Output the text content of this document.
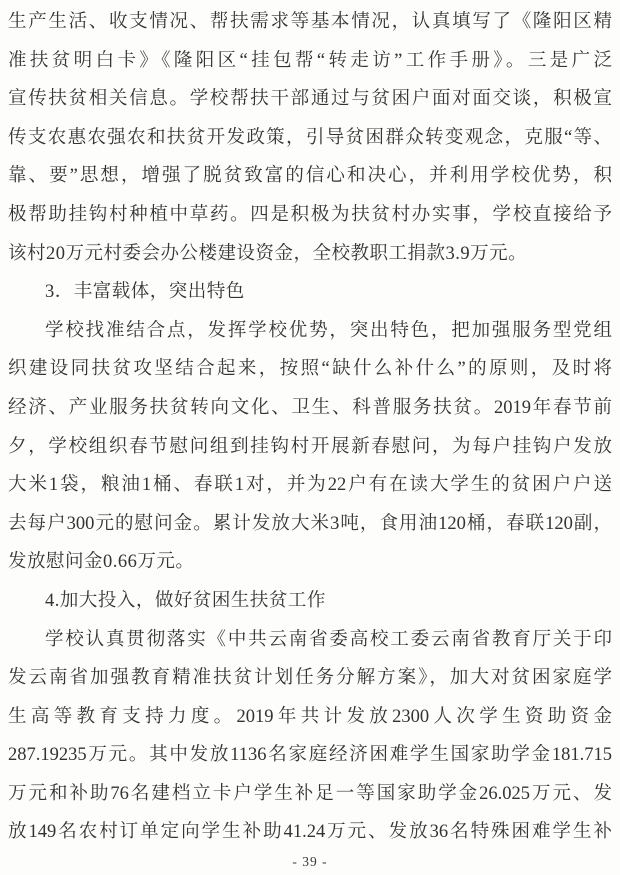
生产生活、收支情况、帮扶需求等基本情况，认真填写了《隆阳区精
准扶贫明白卡》《隆阳区“挂包帮“转走访”工作手册》。三是广泛
宣传扶贫相关信息。学校帮扶干部通过与贫困户面对面交谈，积极宣
传支农惠农强农和扶贫开发政策，引导贫困群众转变观念，克服“等、
靠、要”思想，增强了脱贫致富的信心和决心，并利用学校优势，积
极帮助挂钩村种植中草药。四是积极为扶贫村办实事，学校直接给予
该村20万元村委会办公楼建设资金，全校教职工捐款3.9万元。
3．丰富载体，突出特色
学校找准结合点，发挥学校优势，突出特色，把加强服务型党组
织建设同扶贫攻坚结合起来，按照“缺什么补什么”的原则，及时将
经济、产业服务扶贫转向文化、卫生、科普服务扶贫。2019年春节前
夕，学校组织春节慰问组到挂钩村开展新春慰问，为每户挂钩户发放
大米1袋，粮油1桶、春联1对，并为22户有在读大学生的贫困户户送
去每户300元的慰问金。累计发放大米3吨，食用油120桶，春联120副，
发放慰问金0.66万元。
4.加大投入，做好贫困生扶贫工作
学校认真贯彻落实《中共云南省委高校工委云南省教育厅关于印
发云南省加强教育精准扶贫计划任务分解方案》，加大对贫困家庭学
生高等教育支持力度。2019年共计发放2300人次学生资助资金
287.19235万元。其中发放1136名家庭经济困难学生国家助学金181.715
万元和补助76名建档立卡户学生补足一等国家助学金26.025万元、发
放149名农村订单定向学生补助41.24万元、发放36名特殊困难学生补
- 39 -
